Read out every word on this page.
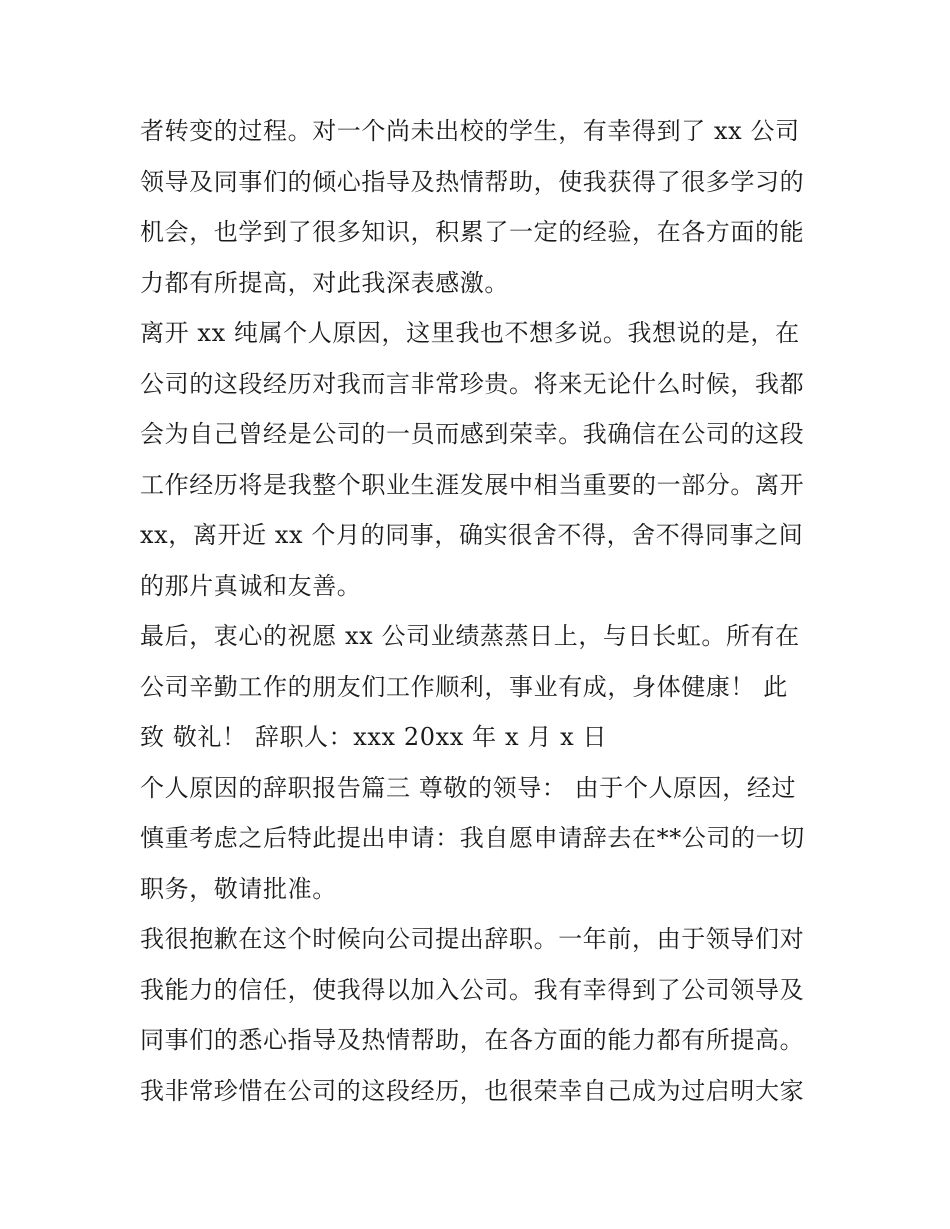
者转变的过程。对一个尚未出校的学生，有幸得到了 xx 公司
领导及同事们的倾心指导及热情帮助，使我获得了很多学习的
机会，也学到了很多知识，积累了一定的经验，在各方面的能
力都有所提高，对此我深表感激。
离开 xx 纯属个人原因，这里我也不想多说。我想说的是，在
公司的这段经历对我而言非常珍贵。将来无论什么时候，我都
会为自己曾经是公司的一员而感到荣幸。我确信在公司的这段
工作经历将是我整个职业生涯发展中相当重要的一部分。离开
xx，离开近 xx 个月的同事，确实很舍不得，舍不得同事之间
的那片真诚和友善。
最后，衷心的祝愿 xx 公司业绩蒸蒸日上，与日长虹。所有在
公司辛勤工作的朋友们工作顺利，事业有成，身体健康！ 此
致 敬礼！ 辞职人：xxx 20xx 年 x 月 x 日
个人原因的辞职报告篇三 尊敬的领导： 由于个人原因，经过
慎重考虑之后特此提出申请：我自愿申请辞去在**公司的一切
职务，敬请批准。
我很抱歉在这个时候向公司提出辞职。一年前，由于领导们对
我能力的信任，使我得以加入公司。我有幸得到了公司领导及
同事们的悉心指导及热情帮助，在各方面的能力都有所提高。
我非常珍惜在公司的这段经历，也很荣幸自己成为过启明大家
